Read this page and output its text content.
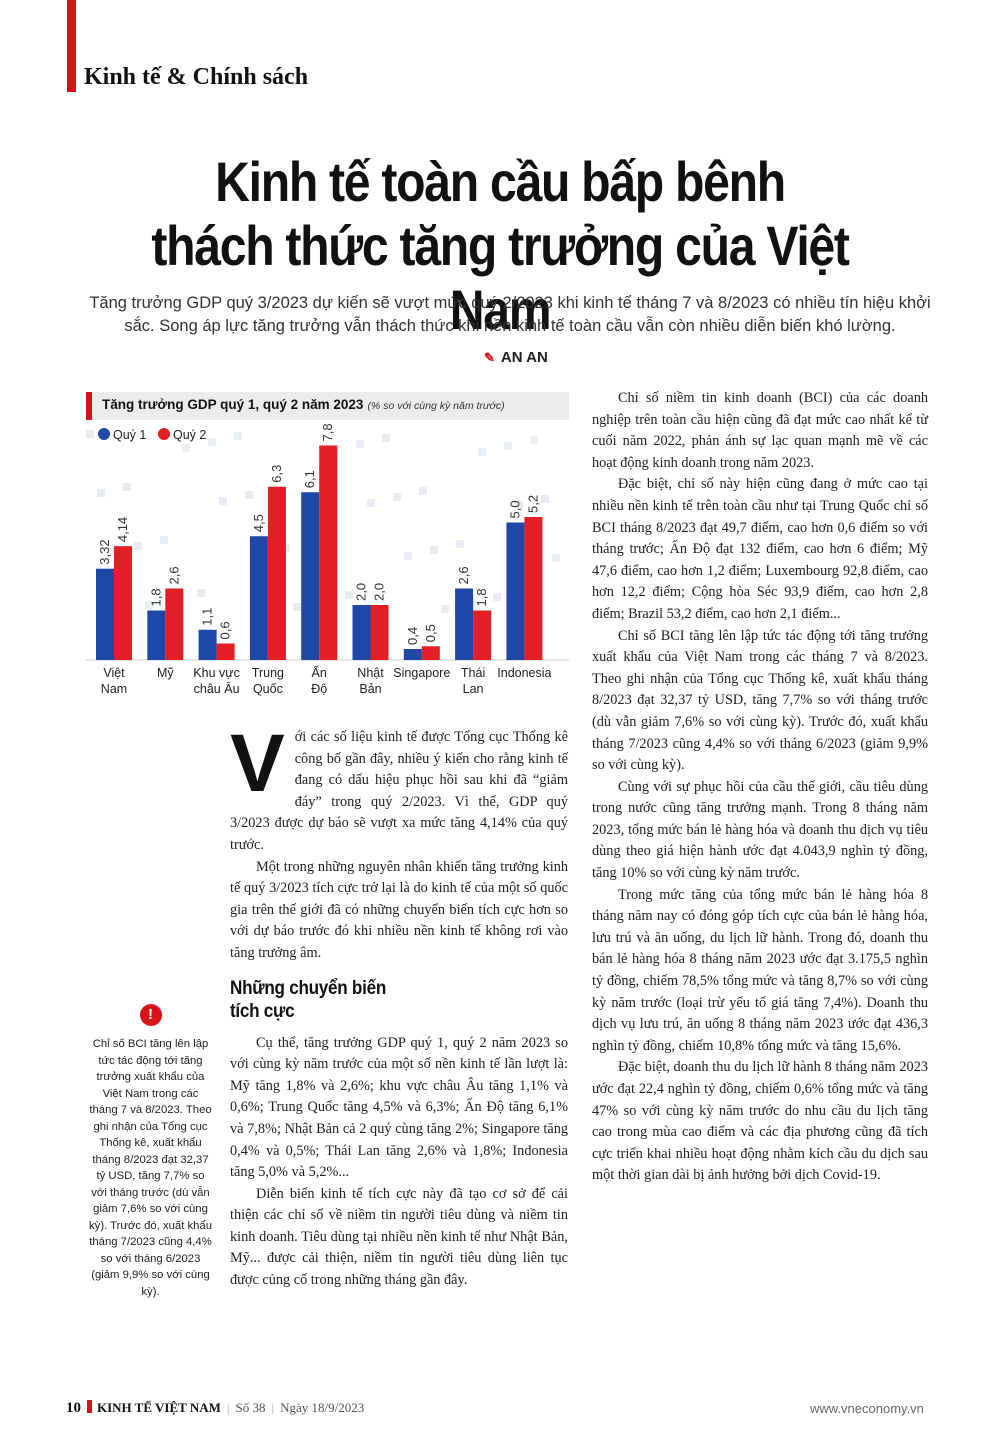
Kinh tế & Chính sách
Kinh tế toàn cầu bấp bênh
thách thức tăng trưởng của Việt Nam
Tăng trưởng GDP quý 3/2023 dự kiến sẽ vượt mức quý 2/2023 khi kinh tế tháng 7 và 8/2023 có nhiều tín hiệu khởi sắc. Song áp lực tăng trưởng vẫn thách thức khi nền kinh tế toàn cầu vẫn còn nhiều diễn biến khó lường.
✎ AN AN
Tăng trưởng GDP quý 1, quý 2 năm 2023 (% so với cùng kỳ năm trước)
Quý 1 Quý 2
3,32
4,14
Việt
Nam
1,8
2,6
Mỹ
1,1
0,6
Khu vực
châu Âu
4,5
6,3
Trung
Quốc
6,1
7,8
Ấn
Độ
2,0 2,0
Nhật
Bản
0,4 0,5
Singapore
2,6
1,8
Thái
Lan
5,0 5,2
Indonesia

Với các số liệu kinh tế được Tổng cục Thống kê công bố gần đây, nhiều ý kiến cho rằng kinh tế đang có dấu hiệu phục hồi sau khi đã “giảm đáy” trong quý 2/2023. Vì thế, GDP quý 3/2023 được dự báo sẽ vượt xa mức tăng 4,14% của quý trước.

Một trong những nguyên nhân khiến tăng trưởng kinh tế quý 3/2023 tích cực trở lại là do kinh tế của một số quốc gia trên thế giới đã có những chuyển biến tích cực hơn so với dự báo trước đó khi nhiều nền kinh tế không rơi vào tăng trưởng âm.

Những chuyển biến
tích cực

Cụ thể, tăng trưởng GDP quý 1, quý 2 năm 2023 so với cùng kỳ năm trước của một số nền kinh tế lần lượt là: Mỹ tăng 1,8% và 2,6%; khu vực châu Âu tăng 1,1% và 0,6%; Trung Quốc tăng 4,5% và 6,3%; Ấn Độ tăng 6,1% và 7,8%; Nhật Bản cả 2 quý cùng tăng 2%; Singapore tăng 0,4% và 0,5%; Thái Lan tăng 2,6% và 1,8%; Indonesia tăng 5,0% và 5,2%...

Diễn biến kinh tế tích cực này đã tạo cơ sở để cải thiện các chỉ số về niềm tin người tiêu dùng và niềm tin kinh doanh. Tiêu dùng tại nhiều nền kinh tế như Nhật Bản, Mỹ... được cải thiện, niềm tin người tiêu dùng liên tục được củng cố trong những tháng gần đây.

Chỉ số niềm tin kinh doanh (BCI) của các doanh nghiệp trên toàn cầu hiện cũng đã đạt mức cao nhất kể từ cuối năm 2022, phản ánh sự lạc quan mạnh mẽ về các hoạt động kinh doanh trong năm 2023.

Đặc biệt, chỉ số này hiện cũng đang ở mức cao tại nhiều nền kinh tế trên toàn cầu như tại Trung Quốc chỉ số BCI tháng 8/2023 đạt 49,7 điểm, cao hơn 0,6 điểm so với tháng trước; Ấn Độ đạt 132 điểm, cao hơn 6 điểm; Mỹ 47,6 điểm, cao hơn 1,2 điểm; Luxembourg 92,8 điểm, cao hơn 12,2 điểm; Cộng hòa Séc 93,9 điểm, cao hơn 2,8 điểm; Brazil 53,2 điểm, cao hơn 2,1 điểm...

Chỉ số BCI tăng lên lập tức tác động tới tăng trưởng xuất khẩu của Việt Nam trong các tháng 7 và 8/2023. Theo ghi nhận của Tổng cục Thống kê, xuất khẩu tháng 8/2023 đạt 32,37 tỷ USD, tăng 7,7% so với tháng trước (dù vẫn giảm 7,6% so với cùng kỳ). Trước đó, xuất khẩu tháng 7/2023 cũng 4,4% so với tháng 6/2023 (giảm 9,9% so với cùng kỳ).

Cùng với sự phục hồi của cầu thế giới, cầu tiêu dùng trong nước cũng tăng trưởng mạnh. Trong 8 tháng năm 2023, tổng mức bán lẻ hàng hóa và doanh thu dịch vụ tiêu dùng theo giá hiện hành ước đạt 4.043,9 nghìn tỷ đồng, tăng 10% so với cùng kỳ năm trước.

Trong mức tăng của tổng mức bán lẻ hàng hóa 8 tháng năm nay có đóng góp tích cực của bán lẻ hàng hóa, lưu trú và ăn uống, du lịch lữ hành. Trong đó, doanh thu bán lẻ hàng hóa 8 tháng năm 2023 ước đạt 3.175,5 nghìn tỷ đồng, chiếm 78,5% tổng mức và tăng 8,7% so với cùng kỳ năm trước (loại trừ yếu tố giá tăng 7,4%). Doanh thu dịch vụ lưu trú, ăn uống 8 tháng năm 2023 ước đạt 436,3 nghìn tỷ đồng, chiếm 10,8% tổng mức và tăng 15,6%.

Đặc biệt, doanh thu du lịch lữ hành 8 tháng năm 2023 ước đạt 22,4 nghìn tỷ đồng, chiếm 0,6% tổng mức và tăng 47% so với cùng kỳ năm trước do nhu cầu du lịch tăng cao trong mùa cao điểm và các địa phương cũng đã tích cực triển khai nhiều hoạt động nhằm kích cầu du dịch sau một thời gian dài bị ảnh hưởng bởi dịch Covid-19.

!
Chỉ số BCI tăng lên lập tức tác động tới tăng trưởng xuất khẩu của Việt Nam trong các tháng 7 và 8/2023. Theo ghi nhận của Tổng cục Thống kê, xuất khẩu tháng 8/2023 đạt 32,37 tỷ USD, tăng 7,7% so với tháng trước (dù vẫn giảm 7,6% so với cùng kỳ). Trước đó, xuất khẩu tháng 7/2023 cũng 4,4% so với tháng 6/2023 (giảm 9,9% so với cùng kỳ).
10 KINH TẾ VIỆT NAM | Số 38 | Ngày 18/9/2023	www.vneconomy.vn
